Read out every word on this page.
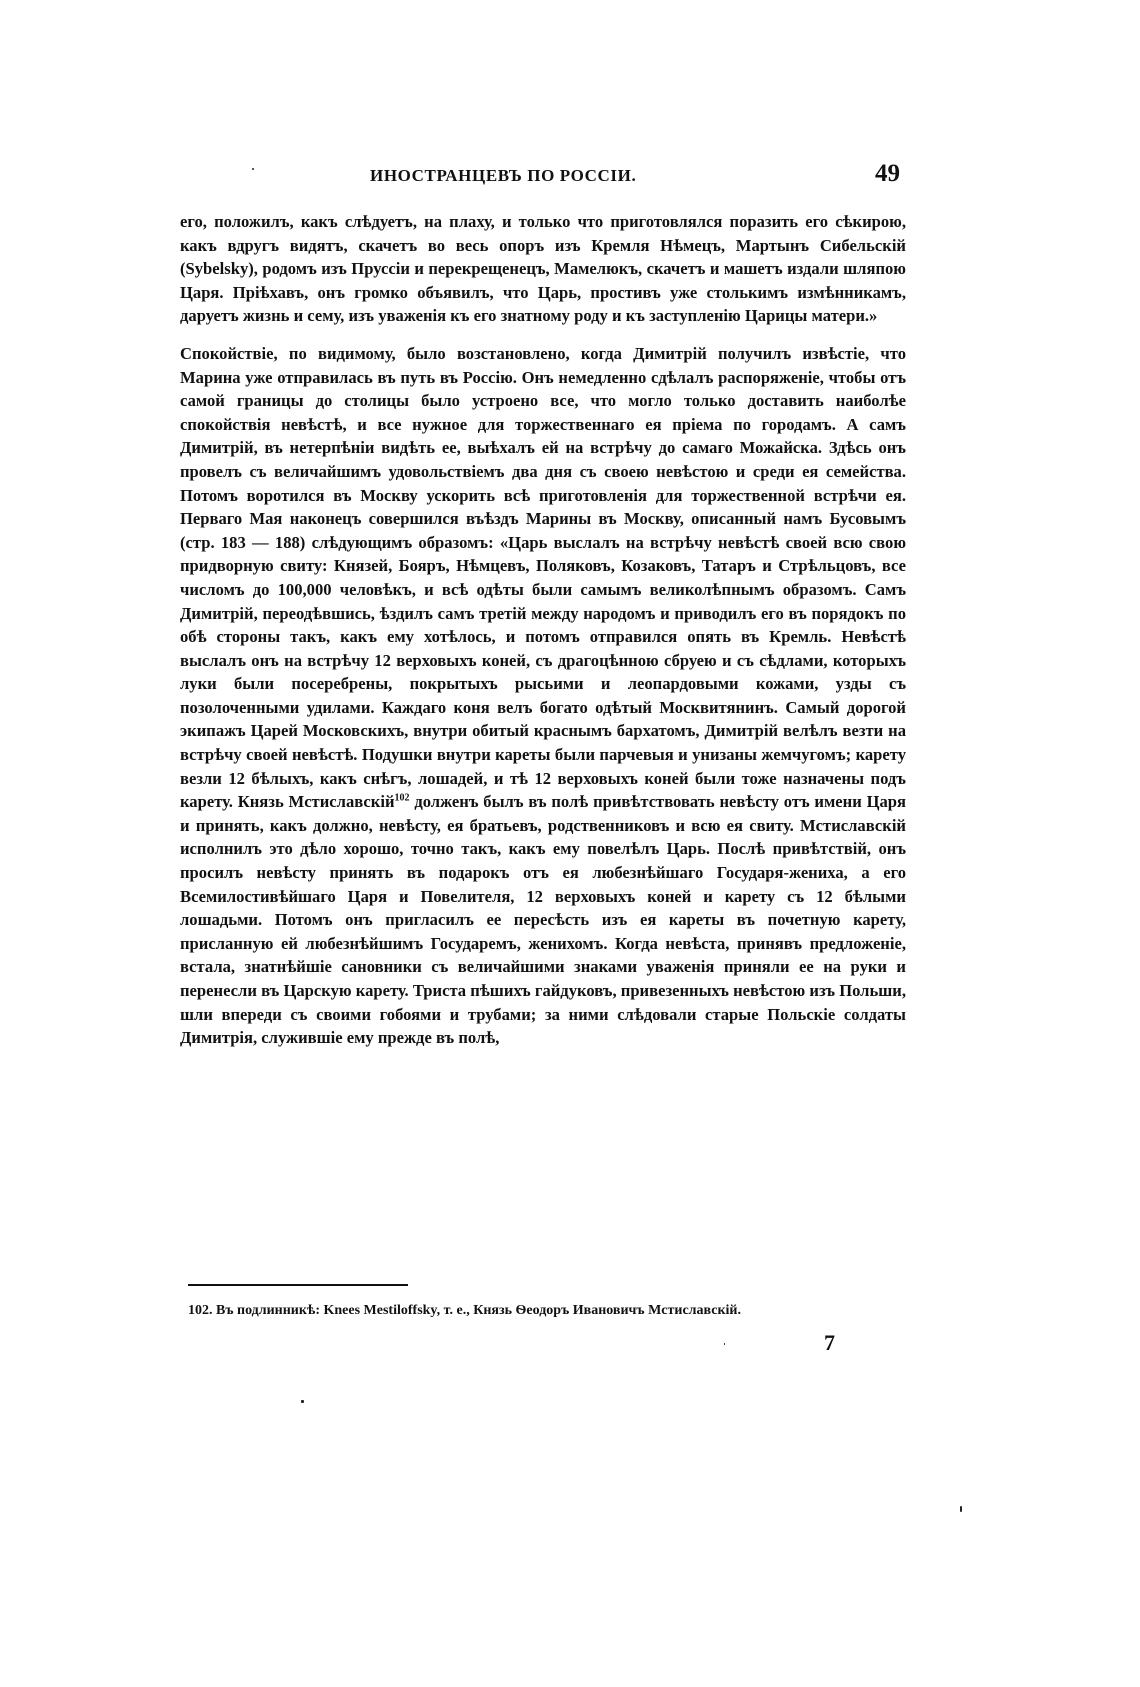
ИНОСТРАНЦЕВЪ ПО РОССІИ.	49

его, положилъ, какъ слѣдуетъ, на плаху, и только что приготовлялся поразить его сѣкирою, какъ вдругъ видятъ, скачетъ во весь опоръ изъ Кремля Нѣмецъ, Мартынъ Сибельскій (Sybelsky), родомъ изъ Пруссіи и перекрещенецъ, Мамелюкъ, скачетъ и машетъ издали шляпою Царя. Пріѣхавъ, онъ громко объявилъ, что Царь, простивъ уже столькимъ измѣнникамъ, даруетъ жизнь и сему, изъ уваженія къ его знатному роду и къ заступленію Царицы матери.»

Спокойствіе, по видимому, было возстановлено, когда Димитрій получилъ извѣстіе, что Марина уже отправилась въ путь въ Россію. Онъ немедленно сдѣлалъ распоряженіе, чтобы отъ самой границы до столицы было устроено все, что могло только доставить наиболѣе спокойствія невѣстѣ, и все нужное для торжественнаго ея пріема по городамъ. А самъ Димитрій, въ нетерпѣніи видѣть ее, выѣхалъ ей на встрѣчу до самаго Можайска. Здѣсь онъ провелъ съ величайшимъ удовольствіемъ два дня съ своею невѣстою и среди ея семейства. Потомъ воротился въ Москву ускорить всѣ приготовленія для торжественной встрѣчи ея. Перваго Мая наконецъ совершился въѣздъ Марины въ Москву, описанный намъ Бусовымъ (стр. 183 — 188) слѣдующимъ образомъ: «Царь выслалъ на встрѣчу невѣстѣ своей всю свою придворную свиту: Князей, Бояръ, Нѣмцевъ, Поляковъ, Козаковъ, Татаръ и Стрѣльцовъ, все числомъ до 100,000 человѣкъ, и всѣ одѣты были самымъ великолѣпнымъ образомъ. Самъ Димитрій, переодѣвшись, ѣздилъ самъ третій между народомъ и приводилъ его въ порядокъ по обѣ стороны такъ, какъ ему хотѣлось, и потомъ отправился опять въ Кремль. Невѣстѣ выслалъ онъ на встрѣчу 12 верховыхъ коней, съ драгоцѣнною сбруею и съ сѣдлами, которыхъ луки были посеребрены, покрытыхъ рысьими и леопардовыми кожами, узды съ позолоченными удилами. Каждаго коня велъ богато одѣтый Москвитянинъ. Самый дорогой экипажъ Царей Московскихъ, внутри обитый краснымъ бархатомъ, Димитрій велѣлъ везти на встрѣчу своей невѣстѣ. Подушки внутри кареты были парчевыя и унизаны жемчугомъ; карету везли 12 бѣлыхъ, какъ снѣгъ, лошадей, и тѣ 12 верховыхъ коней были тоже назначены подъ карету. Князь Мстиславскій$^{102}$ долженъ былъ въ полѣ привѣтствовать невѣсту отъ имени Царя и принять, какъ должно, невѣсту, ея братьевъ, родственниковъ и всю ея свиту. Мстиславскій исполнилъ это дѣло хорошо, точно такъ, какъ ему повелѣлъ Царь. Послѣ привѣтствій, онъ просилъ невѣсту принять въ подарокъ отъ ея любезнѣйшаго Государя-жениха, а его Всемилостивѣйшаго Царя и Повелителя, 12 верховыхъ коней и карету съ 12 бѣлыми лошадьми. Потомъ онъ пригласилъ ее пересѣсть изъ ея кареты въ почетную карету, присланную ей любезнѣйшимъ Государемъ, женихомъ. Когда невѣста, принявъ предложеніе, встала, знатнѣйшіе сановники съ величайшими знаками уваженія приняли ее на руки и перенесли въ Царскую карету. Триста пѣшихъ гайдуковъ, привезенныхъ невѣстою изъ Польши, шли впереди съ своими гобоями и трубами; за ними слѣдовали старые Польскіе солдаты Димитрія, служившіе ему прежде въ полѣ,

102. Въ подлинникѣ: Knees Mestiloffsky, т. е., Князь Ѳеодоръ Ивановичъ Мстиславскій.
7
